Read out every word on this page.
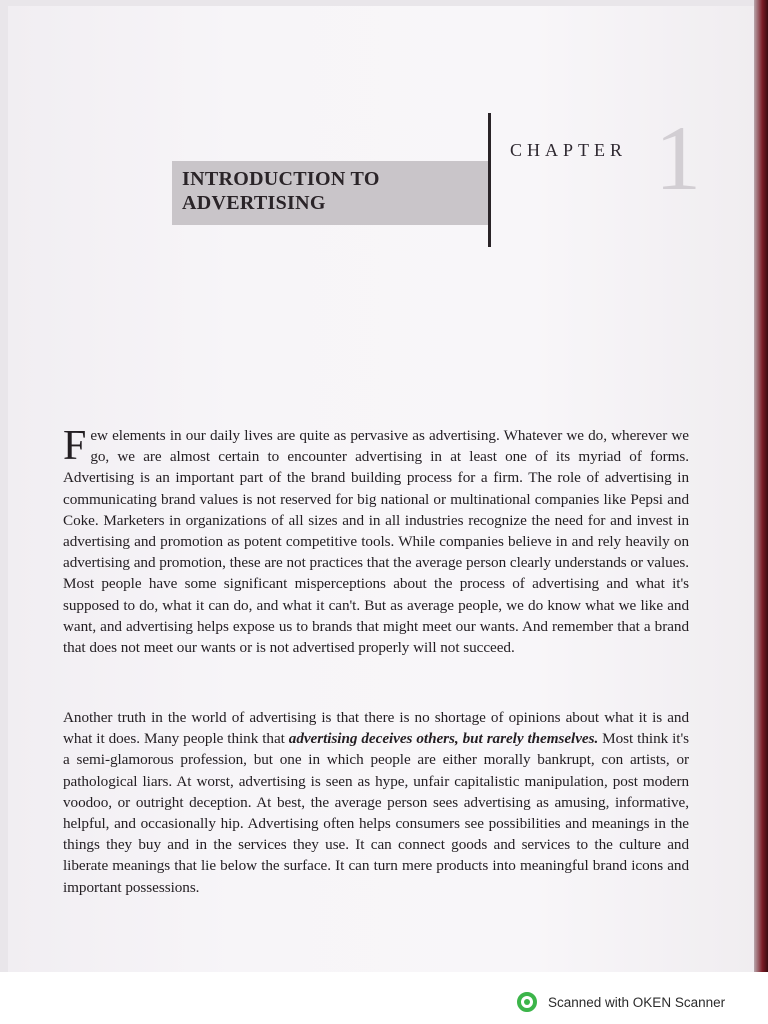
INTRODUCTION TO
ADVERTISING
CHAPTER 1

Few elements in our daily lives are quite as pervasive as advertising. Whatever we do, wherever we go, we are almost certain to encounter advertising in at least one of its myriad of forms. Advertising is an important part of the brand building process for a firm. The role of advertising in communicating brand values is not reserved for big national or multinational companies like Pepsi and Coke. Marketers in organizations of all sizes and in all industries recognize the need for and invest in advertising and promotion as potent competitive tools. While companies believe in and rely heavily on advertising and promotion, these are not practices that the average person clearly understands or values. Most people have some significant misperceptions about the process of advertising and what it's supposed to do, what it can do, and what it can't. But as average people, we do know what we like and want, and advertising helps expose us to brands that might meet our wants. And remember that a brand that does not meet our wants or is not advertised properly will not succeed.

Another truth in the world of advertising is that there is no shortage of opinions about what it is and what it does. Many people think that advertising deceives others, but rarely themselves. Most think it's a semi-glamorous profession, but one in which people are either morally bankrupt, con artists, or pathological liars. At worst, advertising is seen as hype, unfair capitalistic manipulation, post modern voodoo, or outright deception. At best, the average person sees advertising as amusing, informative, helpful, and occasionally hip. Advertising often helps consumers see possibilities and meanings in the things they buy and in the services they use. It can connect goods and services to the culture and liberate meanings that lie below the surface. It can turn mere products into meaningful brand icons and important possessions.

Scanned with OKEN Scanner
